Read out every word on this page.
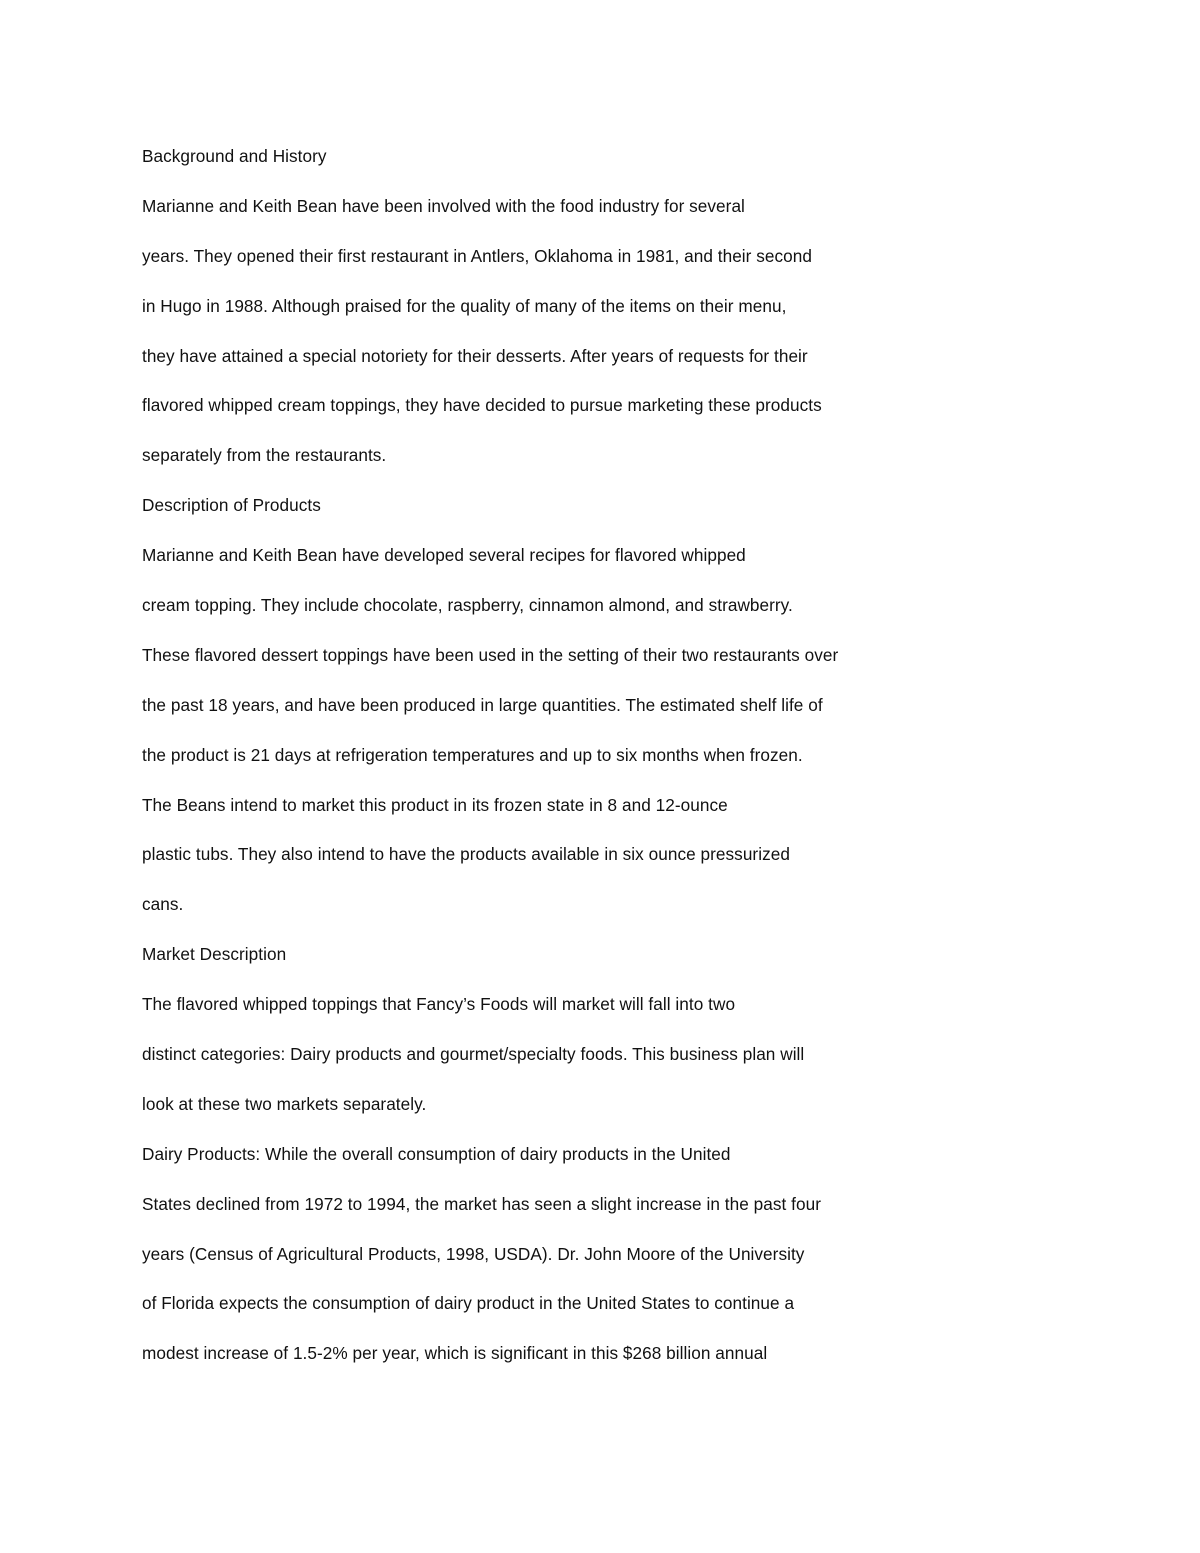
Background and History
Marianne and Keith Bean have been involved with the food industry for several
years. They opened their first restaurant in Antlers, Oklahoma in 1981, and their second
in Hugo in 1988. Although praised for the quality of many of the items on their menu,
they have attained a special notoriety for their desserts. After years of requests for their
flavored whipped cream toppings, they have decided to pursue marketing these products
separately from the restaurants.
Description of Products
Marianne and Keith Bean have developed several recipes for flavored whipped
cream topping. They include chocolate, raspberry, cinnamon almond, and strawberry.
These flavored dessert toppings have been used in the setting of their two restaurants over
the past 18 years, and have been produced in large quantities. The estimated shelf life of
the product is 21 days at refrigeration temperatures and up to six months when frozen.
The Beans intend to market this product in its frozen state in 8 and 12-ounce
plastic tubs. They also intend to have the products available in six ounce pressurized
cans.
Market Description
The flavored whipped toppings that Fancy’s Foods will market will fall into two
distinct categories: Dairy products and gourmet/specialty foods. This business plan will
look at these two markets separately.
Dairy Products: While the overall consumption of dairy products in the United
States declined from 1972 to 1994, the market has seen a slight increase in the past four
years (Census of Agricultural Products, 1998, USDA). Dr. John Moore of the University
of Florida expects the consumption of dairy product in the United States to continue a
modest increase of 1.5-2% per year, which is significant in this $268 billion annual
